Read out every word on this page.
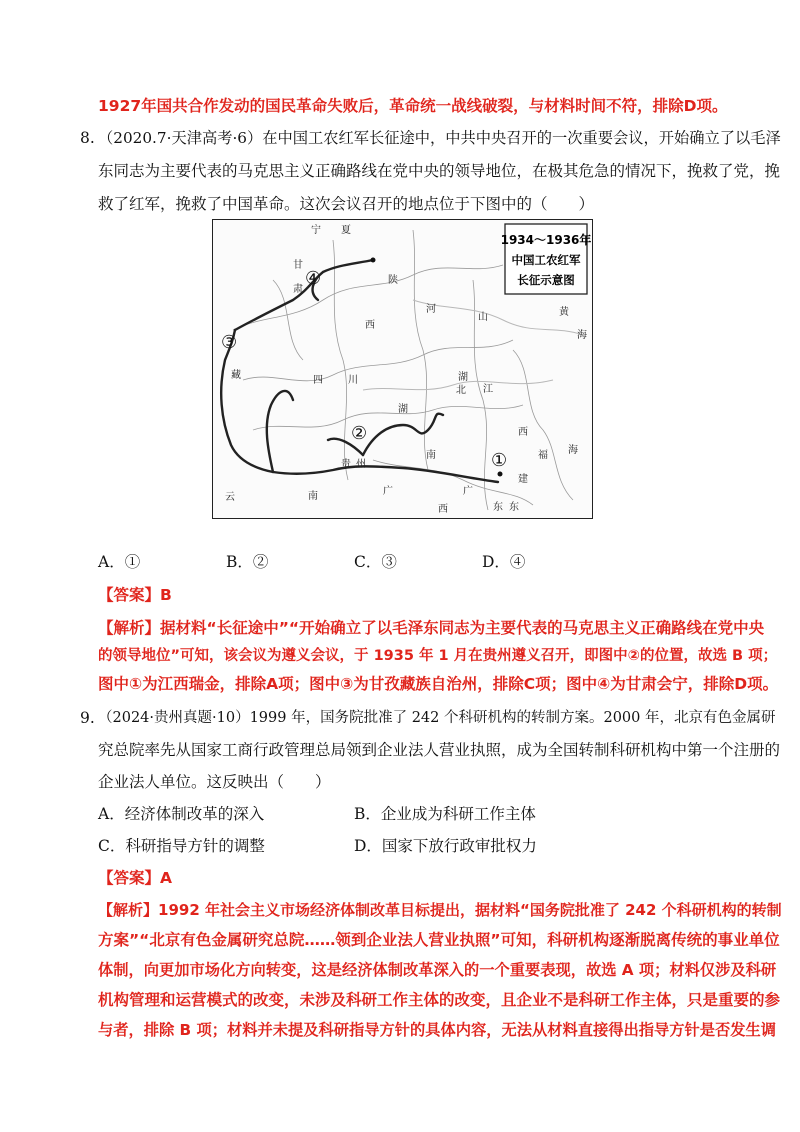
1927年国共合作发动的国民革命失败后，革命统一战线破裂，与材料时间不符，排除D项。
8. （2020.7·天津高考·6）在中国工农红军长征途中，中共中央召开的一次重要会议，开始确立了以毛泽
东同志为主要代表的马克思主义正确路线在党中央的领导地位，在极其危急的情况下，挽救了党，挽
救了红军，挽救了中国革命。这次会议召开的地点位于下图中的（　　）
1934～1936年
中国工农红军
长征示意图
宁 夏
甘
肃
陕
西
河
山	黄
海
四	川	湖
北 江
西
藏
贵 州
湖
南
广
西
福
建
东
海
云	南	广
东
①
②
③
④
A．①	B．②	C．③	D．④
【答案】B
【解析】据材料“长征途中”“开始确立了以毛泽东同志为主要代表的马克思主义正确路线在党中央
的领导地位”可知，该会议为遵义会议，于 1935 年 1 月在贵州遵义召开，即图中②的位置，故选 B 项；
图中①为江西瑞金，排除A项；图中③为甘孜藏族自治州，排除C项；图中④为甘肃会宁，排除D项。
9. （2024·贵州真题·10）1999 年，国务院批准了 242 个科研机构的转制方案。2000 年，北京有色金属研
究总院率先从国家工商行政管理总局领到企业法人营业执照，成为全国转制科研机构中第一个注册的
企业法人单位。这反映出（　　）
A．经济体制改革的深入	B．企业成为科研工作主体
C．科研指导方针的调整	D．国家下放行政审批权力
【答案】A
【解析】1992 年社会主义市场经济体制改革目标提出，据材料“国务院批准了 242 个科研机构的转制
方案”“北京有色金属研究总院……领到企业法人营业执照”可知，科研机构逐渐脱离传统的事业单位
体制，向更加市场化方向转变，这是经济体制改革深入的一个重要表现，故选 A 项；材料仅涉及科研
机构管理和运营模式的改变，未涉及科研工作主体的改变，且企业不是科研工作主体，只是重要的参
与者，排除 B 项；材料并未提及科研指导方针的具体内容，无法从材料直接得出指导方针是否发生调
